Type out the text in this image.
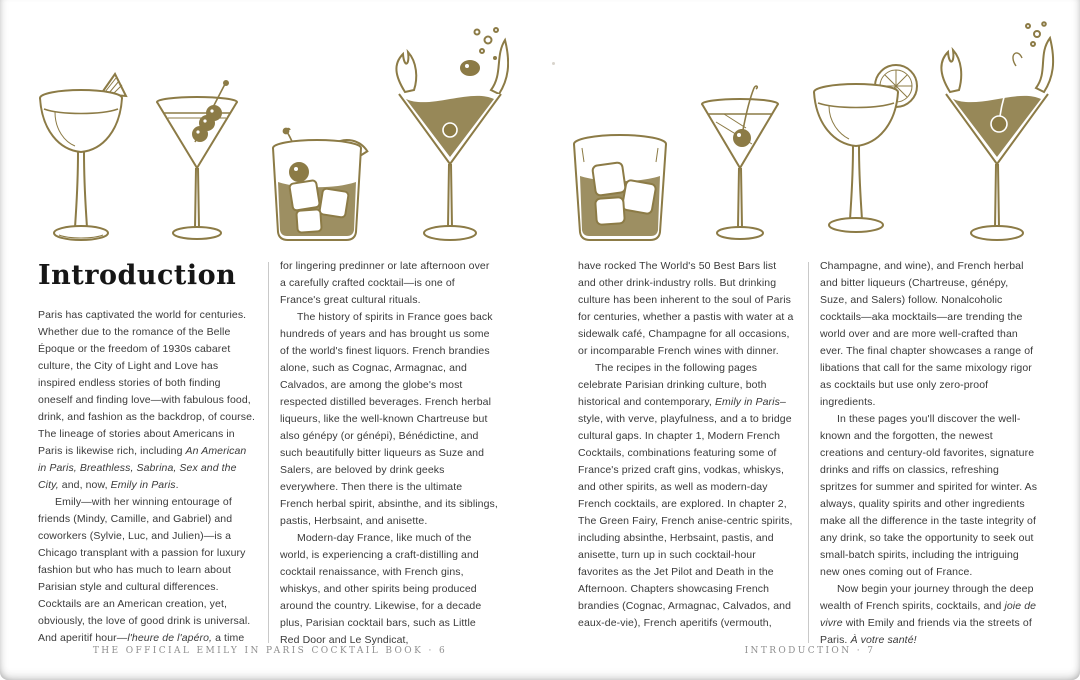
Introduction

Paris has captivated the world for centuries. Whether due to the romance of the Belle Époque or the freedom of 1930s cabaret culture, the City of Light and Love has inspired endless stories of both finding oneself and finding love—with fabulous food, drink, and fashion as the backdrop, of course. The lineage of stories about Americans in Paris is likewise rich, including An American in Paris, Breathless, Sabrina, Sex and the City, and, now, Emily in Paris.

Emily—with her winning entourage of friends (Mindy, Camille, and Gabriel) and coworkers (Sylvie, Luc, and Julien)—is a Chicago transplant with a passion for luxury fashion but who has much to learn about Parisian style and cultural differences. Cocktails are an American creation, yet, obviously, the love of good drink is universal. And aperitif hour—l'heure de l'apéro, a time

for lingering predinner or late afternoon over a carefully crafted cocktail—is one of France's great cultural rituals.

The history of spirits in France goes back hundreds of years and has brought us some of the world's finest liquors. French brandies alone, such as Cognac, Armagnac, and Calvados, are among the globe's most respected distilled beverages. French herbal liqueurs, like the well-known Chartreuse but also génépy (or génépi), Bénédictine, and such beautifully bitter liqueurs as Suze and Salers, are beloved by drink geeks everywhere. Then there is the ultimate French herbal spirit, absinthe, and its siblings, pastis, Herbsaint, and anisette.

Modern-day France, like much of the world, is experiencing a craft-distilling and cocktail renaissance, with French gins, whiskys, and other spirits being produced around the country. Likewise, for a decade plus, Parisian cocktail bars, such as Little Red Door and Le Syndicat,

THE OFFICIAL EMILY IN PARIS COCKTAIL BOOK · 6

have rocked The World's 50 Best Bars list and other drink-industry rolls. But drinking culture has been inherent to the soul of Paris for centuries, whether a pastis with water at a sidewalk café, Champagne for all occasions, or incomparable French wines with dinner.

The recipes in the following pages celebrate Parisian drinking culture, both historical and contemporary, Emily in Paris–style, with verve, playfulness, and a to bridge cultural gaps. In chapter 1, Modern French Cocktails, combinations featuring some of France's prized craft gins, vodkas, whiskys, and other spirits, as well as modern-day French cocktails, are explored. In chapter 2, The Green Fairy, French anise-centric spirits, including absinthe, Herbsaint, pastis, and anisette, turn up in such cocktail-hour favorites as the Jet Pilot and Death in the Afternoon. Chapters showcasing French brandies (Cognac, Armagnac, Calvados, and eaux-de-vie), French aperitifs (vermouth,

Champagne, and wine), and French herbal and bitter liqueurs (Chartreuse, génépy, Suze, and Salers) follow. Nonalcoholic cocktails—aka mocktails—are trending the world over and are more well-crafted than ever. The final chapter showcases a range of libations that call for the same mixology rigor as cocktails but use only zero-proof ingredients.

In these pages you'll discover the well-known and the forgotten, the newest creations and century-old favorites, signature drinks and riffs on classics, refreshing spritzes for summer and spirited for winter. As always, quality spirits and other ingredients make all the difference in the taste integrity of any drink, so take the opportunity to seek out small-batch spirits, including the intriguing new ones coming out of France.

Now begin your journey through the deep wealth of French spirits, cocktails, and joie de vivre with Emily and friends via the streets of Paris. À votre santé!

INTRODUCTION · 7
